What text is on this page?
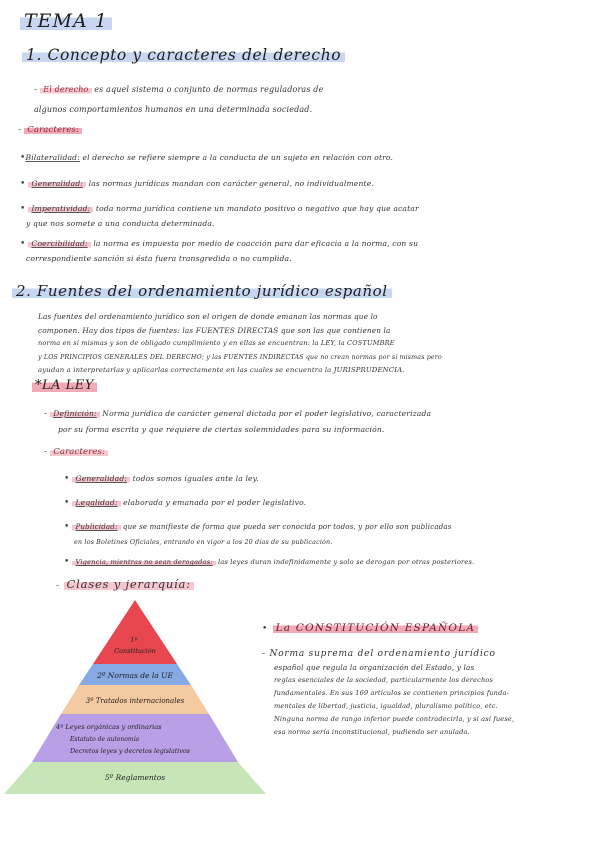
TEMA 1
1. Concepto y caracteres del derecho
- El derecho es aquel sistema o conjunto de normas reguladoras de
algunos comportamientos humanos en una determinada sociedad.
- Caracteres:
•Bilateralidad: el derecho se refiere siempre a la conducta de un sujeto en relación con otro.
• Generalidad: las normas jurídicas mandan con carácter general, no individualmente.
• Imperatividad: toda norma jurídica contiene un mandato positivo o negativo que hay que acatar
y que nos somete a una conducta determinada.
• Coercibilidad: la norma es impuesta por medio de coacción para dar eficacia a la norma, con su
correspondiente sanción si ésta fuera transgredida o no cumplida.
2. Fuentes del ordenamiento jurídico español
Las fuentes del ordenamiento jurídico son el origen de donde emanan las normas que lo
componen. Hay dos tipos de fuentes: las FUENTES DIRECTAS que son las que contienen la
norma en sí mismas y son de obligado cumplimiento y en ellas se encuentran: la LEY, la COSTUMBRE
y LOS PRINCIPIOS GENERALES DEL DERECHO; y las FUENTES INDIRECTAS que no crean normas por sí mismas pero
ayudan a interpretarlas y aplicarlas correctamente en las cuales se encuentra la JURISPRUDENCIA.
*LA LEY
- Definición: Norma jurídica de carácter general dictada por el poder legislativo, caracterizada
por su forma escrita y que requiere de ciertas solemnidades para su información.
- Caracteres:
• Generalidad: todos somos iguales ante la ley.
• Legalidad: elaborada y emanada por el poder legislativo.
• Publicidad: que se manifieste de forma que pueda ser conocida por todos, y por ello son publicadas
en los Boletines Oficiales, entrando en vigor a los 20 días de su publicación.
• Vigencia, mientras no sean derogadas: las leyes duran indefinidamente y solo se derogan por otras posteriores.
- Clases y jerarquía:
1º Constitución
2º Normas de la UE
3º Tratados internacionales
4º Leyes orgánicas y ordinarias
Estatuto de autonomía
Decretos leyes y decretos legislativos
5º Reglamentos
• La CONSTITUCIÓN ESPAÑOLA
- Norma suprema del ordenamiento jurídico
español que regula la organización del Estado, y las
reglas esenciales de la sociedad, particularmente los derechos
fundamentales. En sus 169 artículos se contienen principios funda-
mentales de libertad, justicia, igualdad, pluralismo político, etc.
Ninguna norma de rango inferior puede contradecirla, y si así fuese,
esa norma sería inconstitucional, pudiendo ser anulada.
